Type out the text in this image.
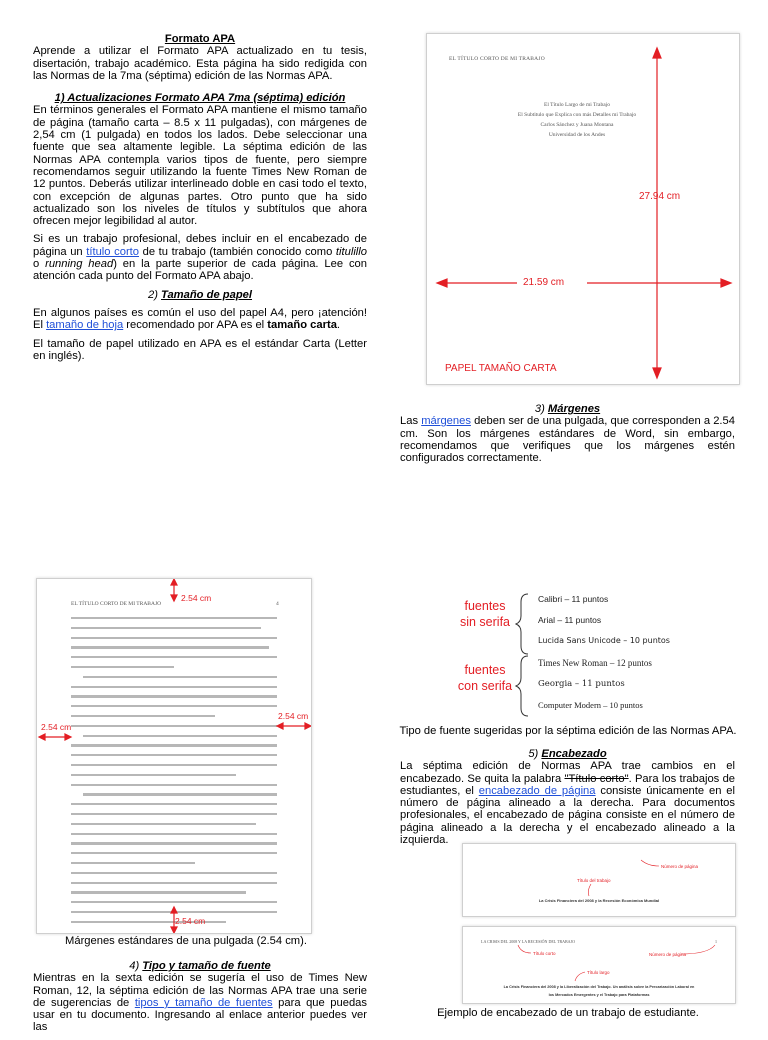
Formato APA

Aprende a utilizar el Formato APA actualizado en tu tesis, disertación, trabajo académico. Esta página ha sido redigida con las Normas de la 7ma (séptima) edición de las Normas APA.

1) Actualizaciones Formato APA 7ma (séptima) edición

En términos generales el Formato APA mantiene el mismo tamaño de página (tamaño carta – 8.5 x 11 pulgadas), con márgenes de 2,54 cm (1 pulgada) en todos los lados. Debe seleccionar una fuente que sea altamente legible. La séptima edición de las Normas APA contempla varios tipos de fuente, pero siempre recomendamos seguir utilizando la fuente Times New Roman de 12 puntos. Deberás utilizar interlineado doble en casi todo el texto, con excepción de algunas partes. Otro punto que ha sido actualizado son los niveles de títulos y subtítulos que ahora ofrecen mejor legibilidad al autor.

Si es un trabajo profesional, debes incluir en el encabezado de página un título corto de tu trabajo (también conocido como titulillo o running head) en la parte superior de cada página. Lee con atención cada punto del Formato APA abajo.

2) Tamaño de papel

En algunos países es común el uso del papel A4, pero ¡atención! El tamaño de hoja recomendado por APA es el tamaño carta.

El tamaño de papel utilizado en APA es el estándar Carta (Letter en inglés).

EL TÍTULO CORTO DE MI TRABAJO
El Título Largo de mi Trabajo
El Subtitulo que Explica con más Detalles mi Trabajo
Carlos Sánchez y Juana Montana
Universidad de los Andes
27.94 cm
21.59 cm
PAPEL TAMAÑO CARTA

3) Márgenes

Las márgenes deben ser de una pulgada, que corresponden a 2.54 cm. Son los márgenes estándares de Word, sin embargo, recomendamos que verifiques que los márgenes estén configurados correctamente.

EL TÍTULO CORTO DE MI TRABAJO	4
2.54 cm
2.54 cm
2.54 cm
2.54 cm
Márgenes estándares de una pulgada (2.54 cm).

4) Tipo y tamaño de fuente

Mientras en la sexta edición se sugería el uso de Times New Roman, 12, la séptima edición de las Normas APA trae una serie de sugerencias de tipos y tamaño de fuentes para que puedas usar en tu documento. Ingresando al enlace anterior puedes ver las

fuentes sin serifa
fuentes con serifa
Calibri – 11 puntos
Arial – 11 puntos
Lucida Sans Unicode – 10 puntos
Times New Roman – 12 puntos
Georgia – 11 puntos
Computer Modern – 10 puntos
Tipo de fuente sugeridas por la séptima edición de las Normas APA.

5) Encabezado

La séptima edición de Normas APA trae cambios en el encabezado. Se quita la palabra "Título corto". Para los trabajos de estudiantes, el encabezado de página consiste únicamente en el número de página alineado a la derecha. Para documentos profesionales, el encabezado de página consiste en el número de página alineado a la derecha y el encabezado alineado a la izquierda.

Número de página
Título del trabajo
La Crisis Financiera del 2008 y la Recesión Económica Mundial
LA CRISIS DEL 2008 Y LA RECESIÓN DEL TRABAJO	1
Título corto	Número de página
Título largo
La Crisis Financiera del 2008 y la Liberalización del Trabajo. Un análisis sobre la Precarización Laboral en
los Mercados Emergentes y el Trabajo para Plataformas
Ejemplo de encabezado de un trabajo de estudiante.
